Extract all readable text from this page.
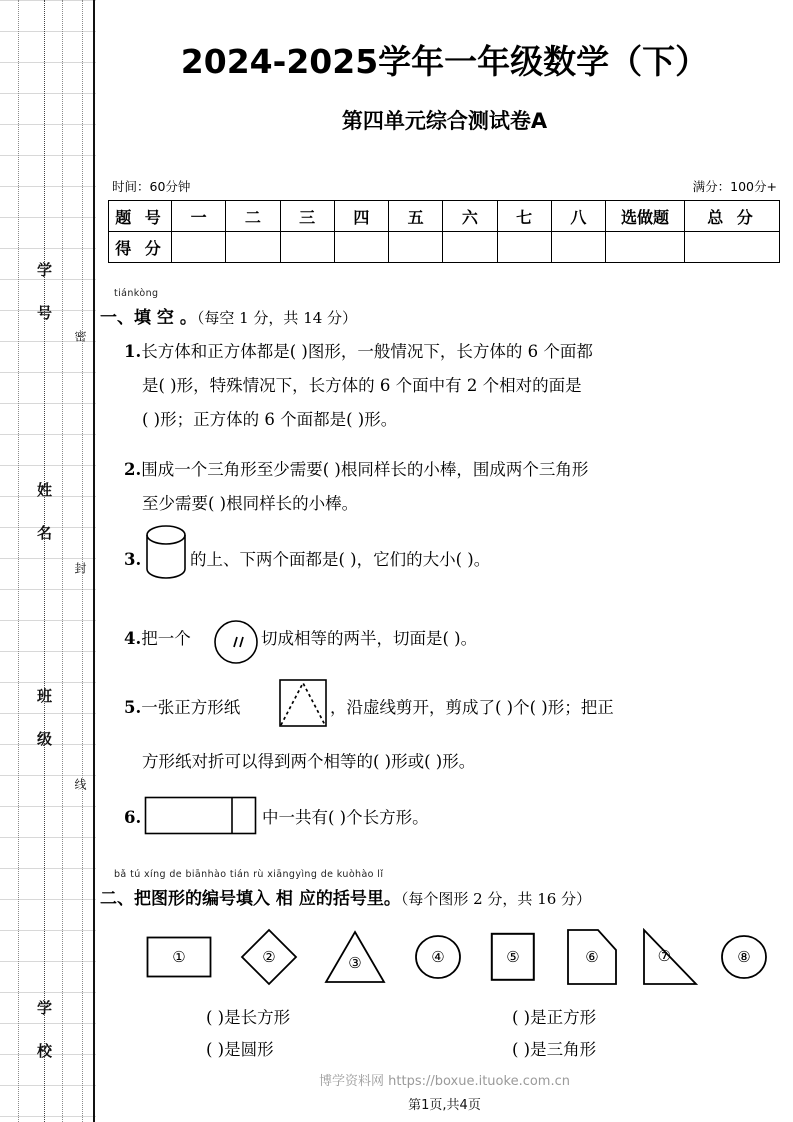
学 号
姓 名
班 级
学 校
密
封
线
2024-2025学年一年级数学（下）
第四单元综合测试卷A
时间：60分钟	满分：100分+
题 号	一	二	三	四	五	六	七	八	选做题	总 分
得 分										
tiánkòng
一、填 空 。（每空 1 分，共 14 分）
1.长方体和正方体都是( )图形，一般情况下，长方体的 6 个面都
是( )形，特殊情况下，长方体的 6 个面中有 2 个相对的面是
( )形；正方体的 6 个面都是( )形。
2.围成一个三角形至少需要( )根同样长的小棒，围成两个三角形
至少需要( )根同样长的小棒。
3.	的上、下两个面都是( )，它们的大小( )。
4.把一个	切成相等的两半，切面是( )。
5.一张正方形纸	，沿虚线剪开，剪成了( )个( )形；把正
方形纸对折可以得到两个相等的( )形或( )形。
6.	中一共有( )个长方形。
bǎ tú xíng de biānhào tián rù xiāngyìng de kuòhào lǐ
二、把图形的编号填入 相 应的括号里。（每个图形 2 分，共 16 分）
①	②	③	④	⑤	⑥	⑦	⑧
( )是长方形	( )是正方形
( )是圆形	( )是三角形
博学资料网 https://boxue.ituoke.com.cn
第1页,共4页
